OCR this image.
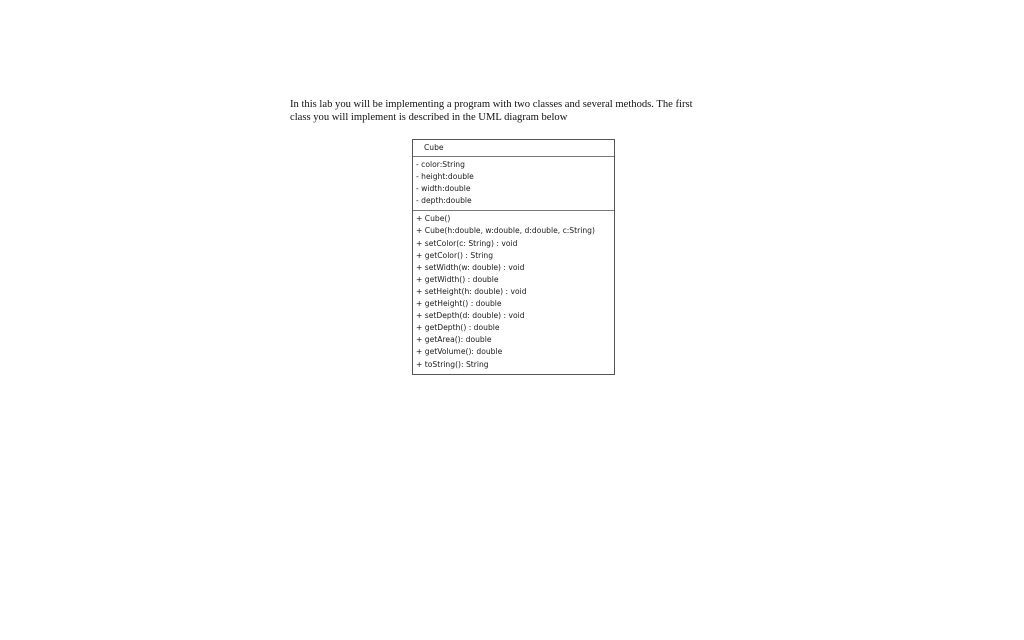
In this lab you will be implementing a program with two classes and several methods. The first
class you will implement is described in the UML diagram below
Cube
- color:String
- height:double
- width:double
- depth:double
+ Cube()
+ Cube(h:double, w:double, d:double, c:String)
+ setColor(c: String) : void
+ getColor() : String
+ setWidth(w: double) : void
+ getWidth() : double
+ setHeight(h: double) : void
+ getHeight() : double
+ setDepth(d: double) : void
+ getDepth() : double
+ getArea(): double
+ getVolume(): double
+ toString(): String
